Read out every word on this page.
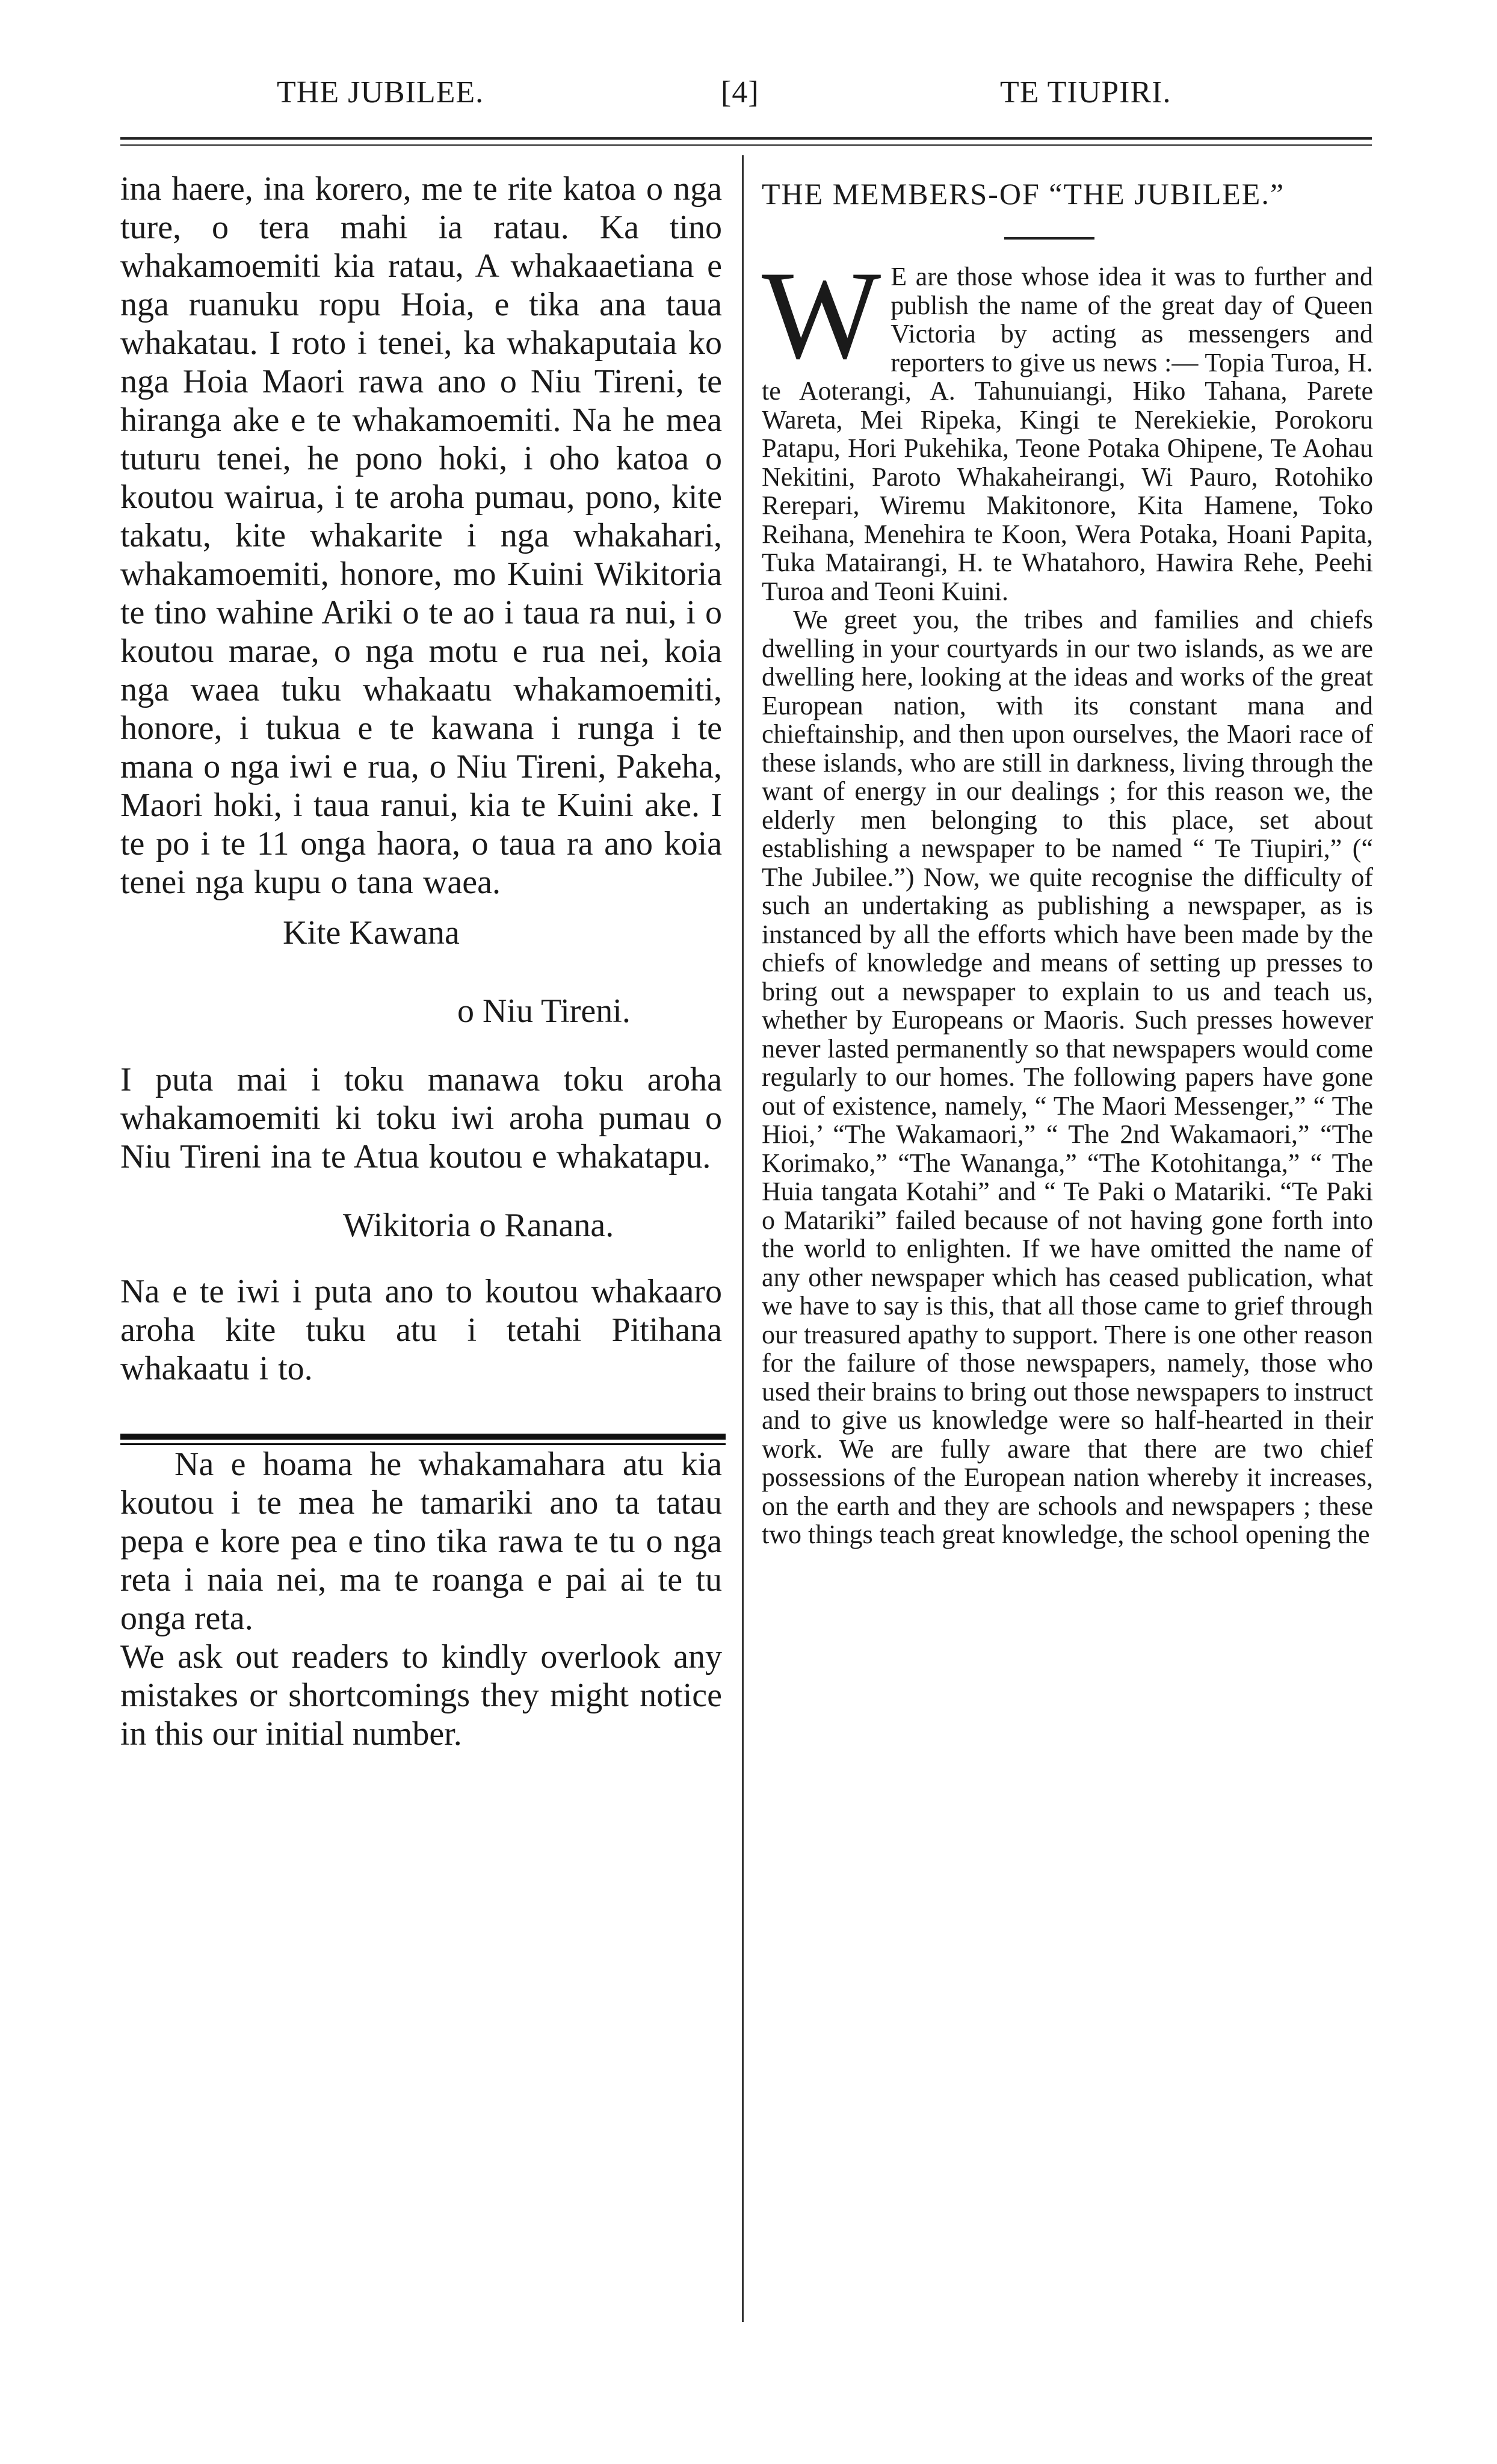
THE JUBILEE.	[4]	TE TIUPIRI.

ina haere, ina korero, me te rite katoa o nga ture, o tera mahi ia ratau. Ka tino whakamoemiti kia ratau, A whakaaetiana e nga ruanuku ropu Hoia, e tika ana taua whakatau. I roto i tenei, ka whakaputaia ko nga Hoia Maori rawa ano o Niu Tireni, te hiranga ake e te whakamoemiti. Na he mea tuturu tenei, he pono hoki, i oho katoa o koutou wairua, i te aroha pumau, pono, kite takatu, kite whakarite i nga whakahari, whakamoemiti, honore, mo Kuini Wikitoria te tino wahine Ariki o te ao i taua ra nui, i o koutou marae, o nga motu e rua nei, koia nga waea tuku whakaatu whakamoemiti, honore, i tukua e te kawana i runga i te mana o nga iwi e rua, o Niu Tireni, Pakeha, Maori hoki, i taua ranui, kia te Kuini ake. I te po i te 11 onga haora, o taua ra ano koia tenei nga kupu o tana waea.

Kite Kawana
o Niu Tireni.

I puta mai i toku manawa toku aroha whakamoemiti ki toku iwi aroha pumau o Niu Tireni ina te Atua koutou e whakatapu.

Wikitoria o Ranana.

Na e te iwi i puta ano to koutou whakaaro aroha kite tuku atu i tetahi Pitihana whakaatu i to.

Na e hoama he whakamahara atu kia koutou i te mea he tamariki ano ta tatau pepa e kore pea e tino tika rawa te tu o nga reta i naia nei, ma te roanga e pai ai te tu onga reta.

We ask out readers to kindly overlook any mistakes or shortcomings they might notice in this our initial number.

THE MEMBERS-OF “THE JUBILEE.”

W E are those whose idea it was to further and publish the name of the great day of Queen Victoria by acting as messengers and reporters to give us news :— Topia Turoa, H. te Aoterangi, A. Tahunuiangi, Hiko Tahana, Parete Wareta, Mei Ripeka, Kingi te Nerekiekie, Porokoru Patapu, Hori Pukehika, Teone Potaka Ohipene, Te Aohau Nekitini, Paroto Whakaheirangi, Wi Pauro, Rotohiko Rerepari, Wiremu Makitonore, Kita Hamene, Toko Reihana, Menehira te Koon, Wera Potaka, Hoani Papita, Tuka Matairangi, H. te Whatahoro, Hawira Rehe, Peehi Turoa and Teoni Kuini.

We greet you, the tribes and families and chiefs dwelling in your courtyards in our two islands, as we are dwelling here, looking at the ideas and works of the great European nation, with its constant mana and chieftainship, and then upon ourselves, the Maori race of these islands, who are still in darkness, living through the want of energy in our dealings ; for this reason we, the elderly men belonging to this place, set about establishing a newspaper to be named “ Te Tiupiri,” (“ The Jubilee.”) Now, we quite recognise the difficulty of such an undertaking as publishing a newspaper, as is instanced by all the efforts which have been made by the chiefs of knowledge and means of setting up presses to bring out a newspaper to explain to us and teach us, whether by Europeans or Maoris. Such presses however never lasted permanently so that newspapers would come regularly to our homes. The following papers have gone out of existence, namely, “ The Maori Messenger,” “ The Hioi,’ “The Wakamaori,” “ The 2nd Wakamaori,” “The Korimako,” “The Wananga,” “The Kotohitanga,” “ The Huia tangata Kotahi” and “ Te Paki o Matariki. “Te Paki o Matariki” failed because of not having gone forth into the world to enlighten. If we have omitted the name of any other newspaper which has ceased publication, what we have to say is this, that all those came to grief through our treasured apathy to support. There is one other reason for the failure of those newspapers, namely, those who used their brains to bring out those newspapers to instruct and to give us knowledge were so half-hearted in their work. We are fully aware that there are two chief possessions of the European nation whereby it increases, on the earth and they are schools and newspapers ; these two things teach great knowledge, the school opening the
